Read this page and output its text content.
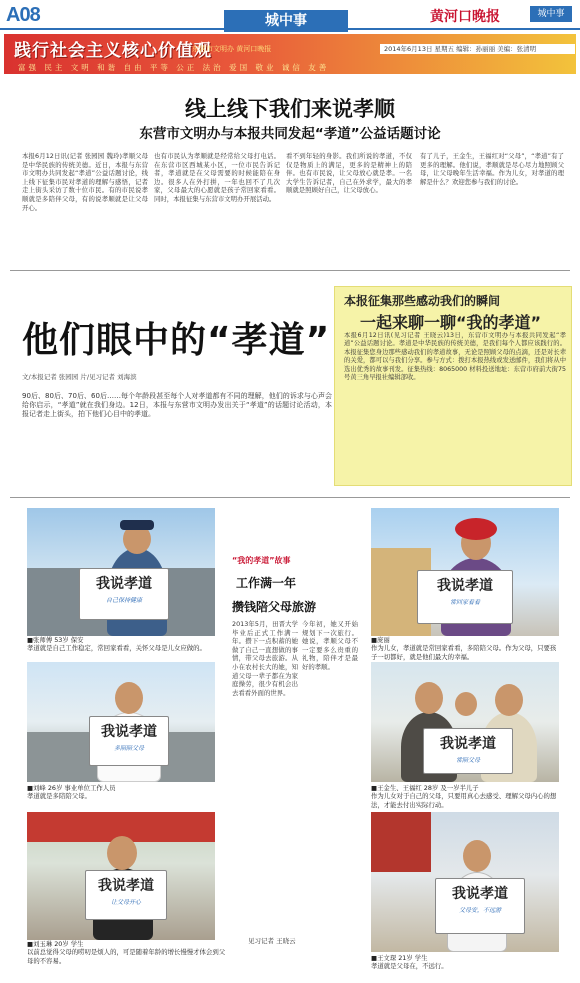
A08	城中事	黄河口晚报	城中事
践行社会主义核心价值观
东营市文明办 黄河口晚报	2014年6月13日 星期五 编辑：孙丽丽 美编：张清明
富强 民主 文明 和谐 自由 平等 公正 法治 爱国 敬业 诚信 友善
线上线下我们来说孝顺
东营市文明办与本报共同发起“孝道”公益话题讨论
本报6月12日讯(记者 张园园 魏玲)孝顺父母是中华民族的传统美德。近日，本报与东营市文明办共同发起“孝道”公益话题讨论，线上线下征集市民对孝道的理解与感悟，记者走上街头采访了数十位市民。有的市民说孝顺就是多陪伴父母，有的说孝顺就是让父母开心。
也有市民认为孝顺就是经常给父母打电话。在东营市区西城某小区，一位市民告诉记者，孝道就是在父母需要的时候能陪在身边。很多人在外打拼，一年也回不了几次家，父母最大的心愿就是孩子常回家看看。同时，本报征集与东营市文明办开展活动。
看不到年轻的身影。我们所说的孝道，不仅仅是物质上的满足，更多的是精神上的陪伴。也有市民说，让父母放心就是孝。一名大学生告诉记者，自己在外求学，最大的孝顺就是照顾好自己，让父母放心。
有了儿子，王金生，王福红对“父母”，“孝道”有了更多的理解。他们说，孝顺就是尽心尽力地照顾父母，让父母晚年生活幸福。作为儿女，对孝道的理解是什么？欢迎您参与我们的讨论。
他们眼中的“孝道”
文/本报记者 张园园 片/见习记者 刘海滨
90后、80后、70后、60后……每个年龄段甚至每个人对孝道都有不同的理解，他们的诉求与心声会给你启示，“孝道”就在我们身边。12日，本报与东营市文明办发出关于“孝道”的话题讨论活动，本报记者走上街头，拍下他们心目中的孝道。
本报征集那些感动我们的瞬间
一起来聊一聊“我的孝道”
本报6月12日讯(见习记者 王晓云)13日，东营市文明办与本报共同发起“孝道”公益话题讨论。孝道是中华民族的传统美德，是我们每个人都应该践行的。本报征集您身边那些感动我们的孝道故事，无论是照顾父母的点滴，还是对长辈的关爱，都可以与我们分享。参与方式：拨打本报热线或发送邮件，我们将从中选出优秀的故事刊发。征集热线：8065000 材料投送地址：东营市府前大街75号黄三角早报社编辑部收。
我说孝道
自己保持健康
■张师傅 53岁 保安
孝道就是自己工作稳定，常回家看看，关怀父母是儿女应做的。
我说孝道
常回家看看
■庞丽
作为儿女，孝道就是常回家看看，多陪陪父母。作为父母，只要孩子一切都好，就是他们最大的幸福。
我说孝道
多陪陪父母
■刘峰 26岁 事业单位工作人员
孝道就是多陪陪父母。
我说孝道
常陪父母
■王金生、王福红 28岁 及一岁半儿子
作为儿女对于自己的父母，只要用真心去感受、理解父母内心的想法，才能去付出实际行动。
我说孝道
让父母开心
■刘玉琳 20岁 学生
以前总觉得父母的唠叨是烦人的，可是随着年龄的增长慢慢才体会到父母的不容易。
我说孝道
父母安，不远游
■王文琛 21岁 学生
孝道就是父母在，不远行。
“我的孝道”故事
工作满一年
攒钱陪父母旅游
2013年5月，田晋大学毕业后正式工作满一年。攒下一点积蓄的她做了自己一直想做的事情，带父母去旅游。从小在农村长大的她，知道父母一辈子都在为家庭操劳，很少有机会出去看看外面的世界。
今年初，她又开始规划下一次旅行。她说，孝顺父母不一定要多么贵重的礼物，陪伴才是最好的孝顺。
见习记者 王晓云
